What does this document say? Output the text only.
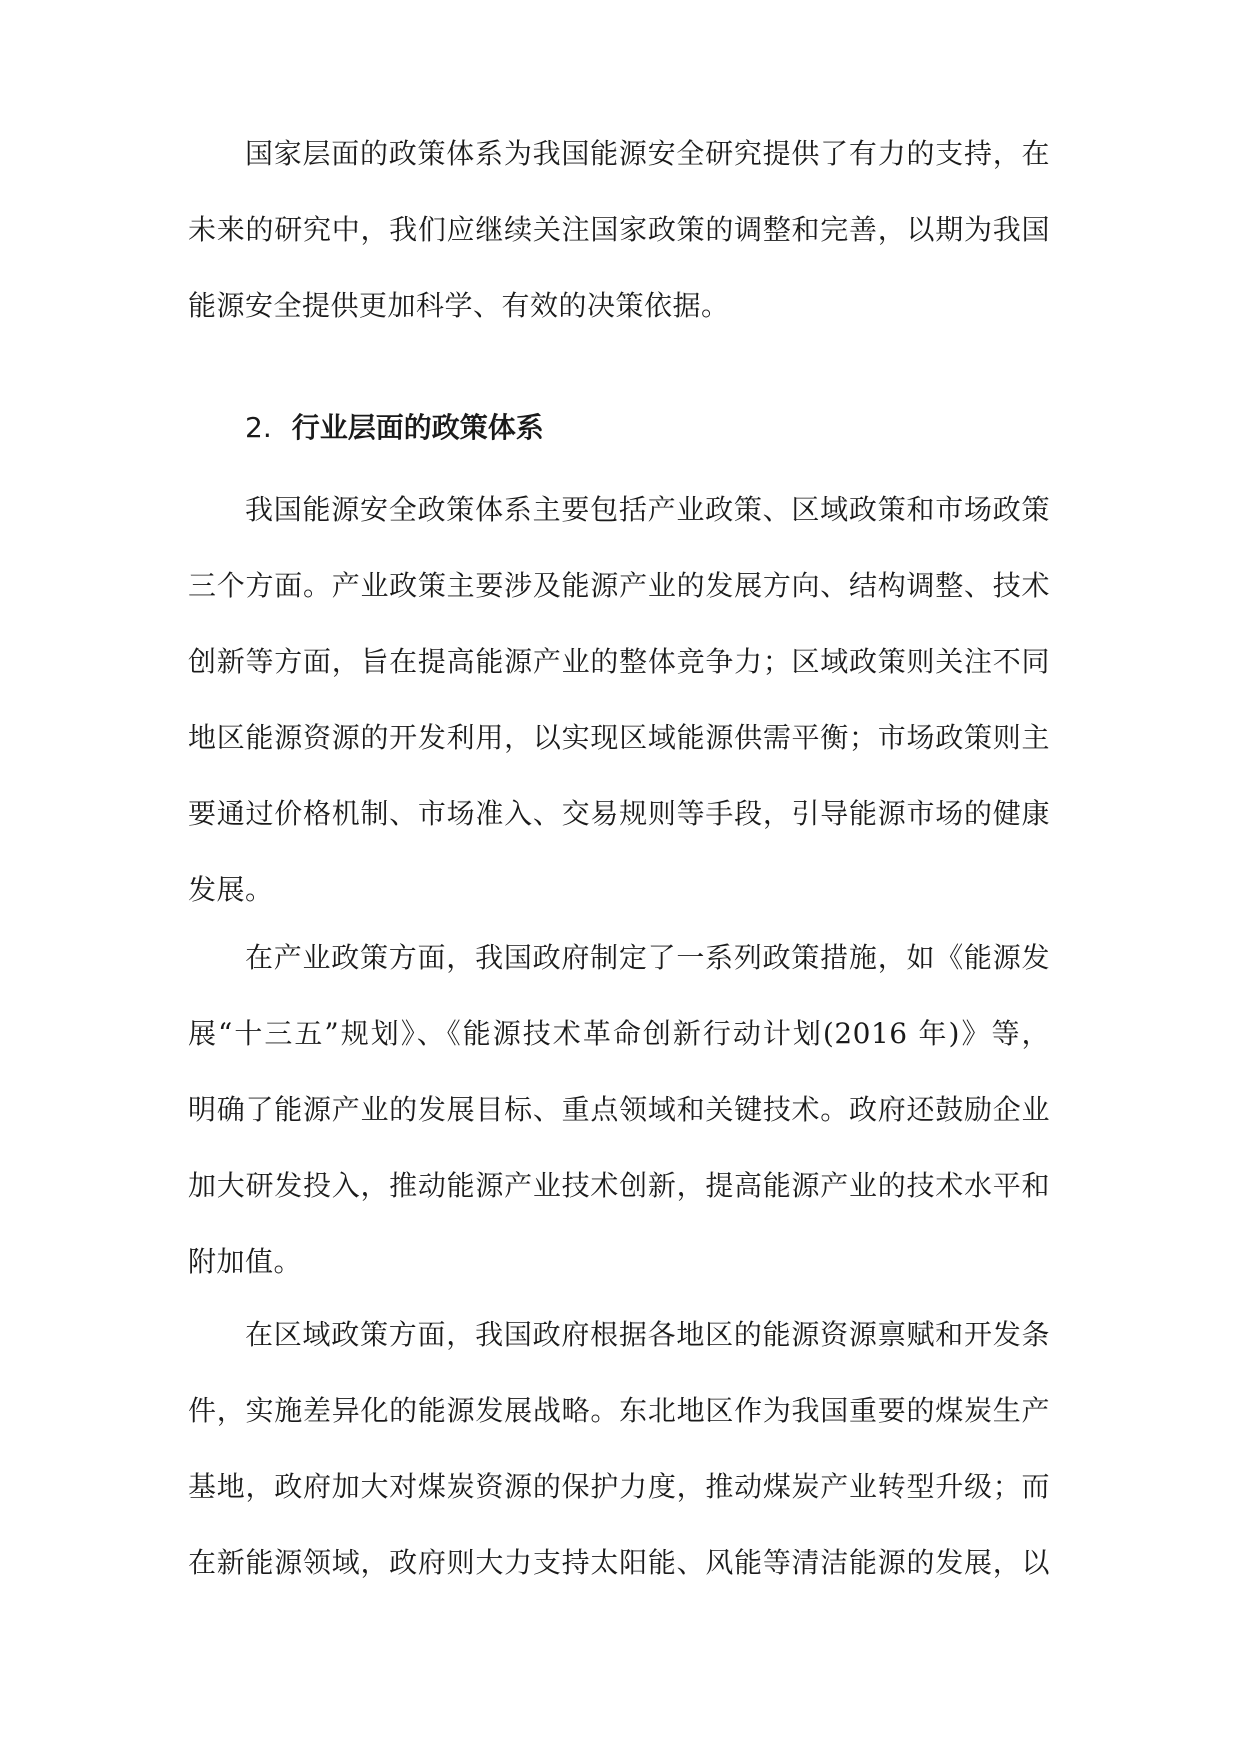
国家层面的政策体系为我国能源安全研究提供了有力的支持，在
未来的研究中，我们应继续关注国家政策的调整和完善，以期为我国
能源安全提供更加科学、有效的决策依据。
2. 行业层面的政策体系
我国能源安全政策体系主要包括产业政策、区域政策和市场政策
三个方面。产业政策主要涉及能源产业的发展方向、结构调整、技术
创新等方面，旨在提高能源产业的整体竞争力；区域政策则关注不同
地区能源资源的开发利用，以实现区域能源供需平衡；市场政策则主
要通过价格机制、市场准入、交易规则等手段，引导能源市场的健康
发展。
在产业政策方面，我国政府制定了一系列政策措施，如《能源发
展“十三五”规划》、《能源技术革命创新行动计划(2016 年)》等，
明确了能源产业的发展目标、重点领域和关键技术。政府还鼓励企业
加大研发投入，推动能源产业技术创新，提高能源产业的技术水平和
附加值。
在区域政策方面，我国政府根据各地区的能源资源禀赋和开发条
件，实施差异化的能源发展战略。东北地区作为我国重要的煤炭生产
基地，政府加大对煤炭资源的保护力度，推动煤炭产业转型升级；而
在新能源领域，政府则大力支持太阳能、风能等清洁能源的发展，以
